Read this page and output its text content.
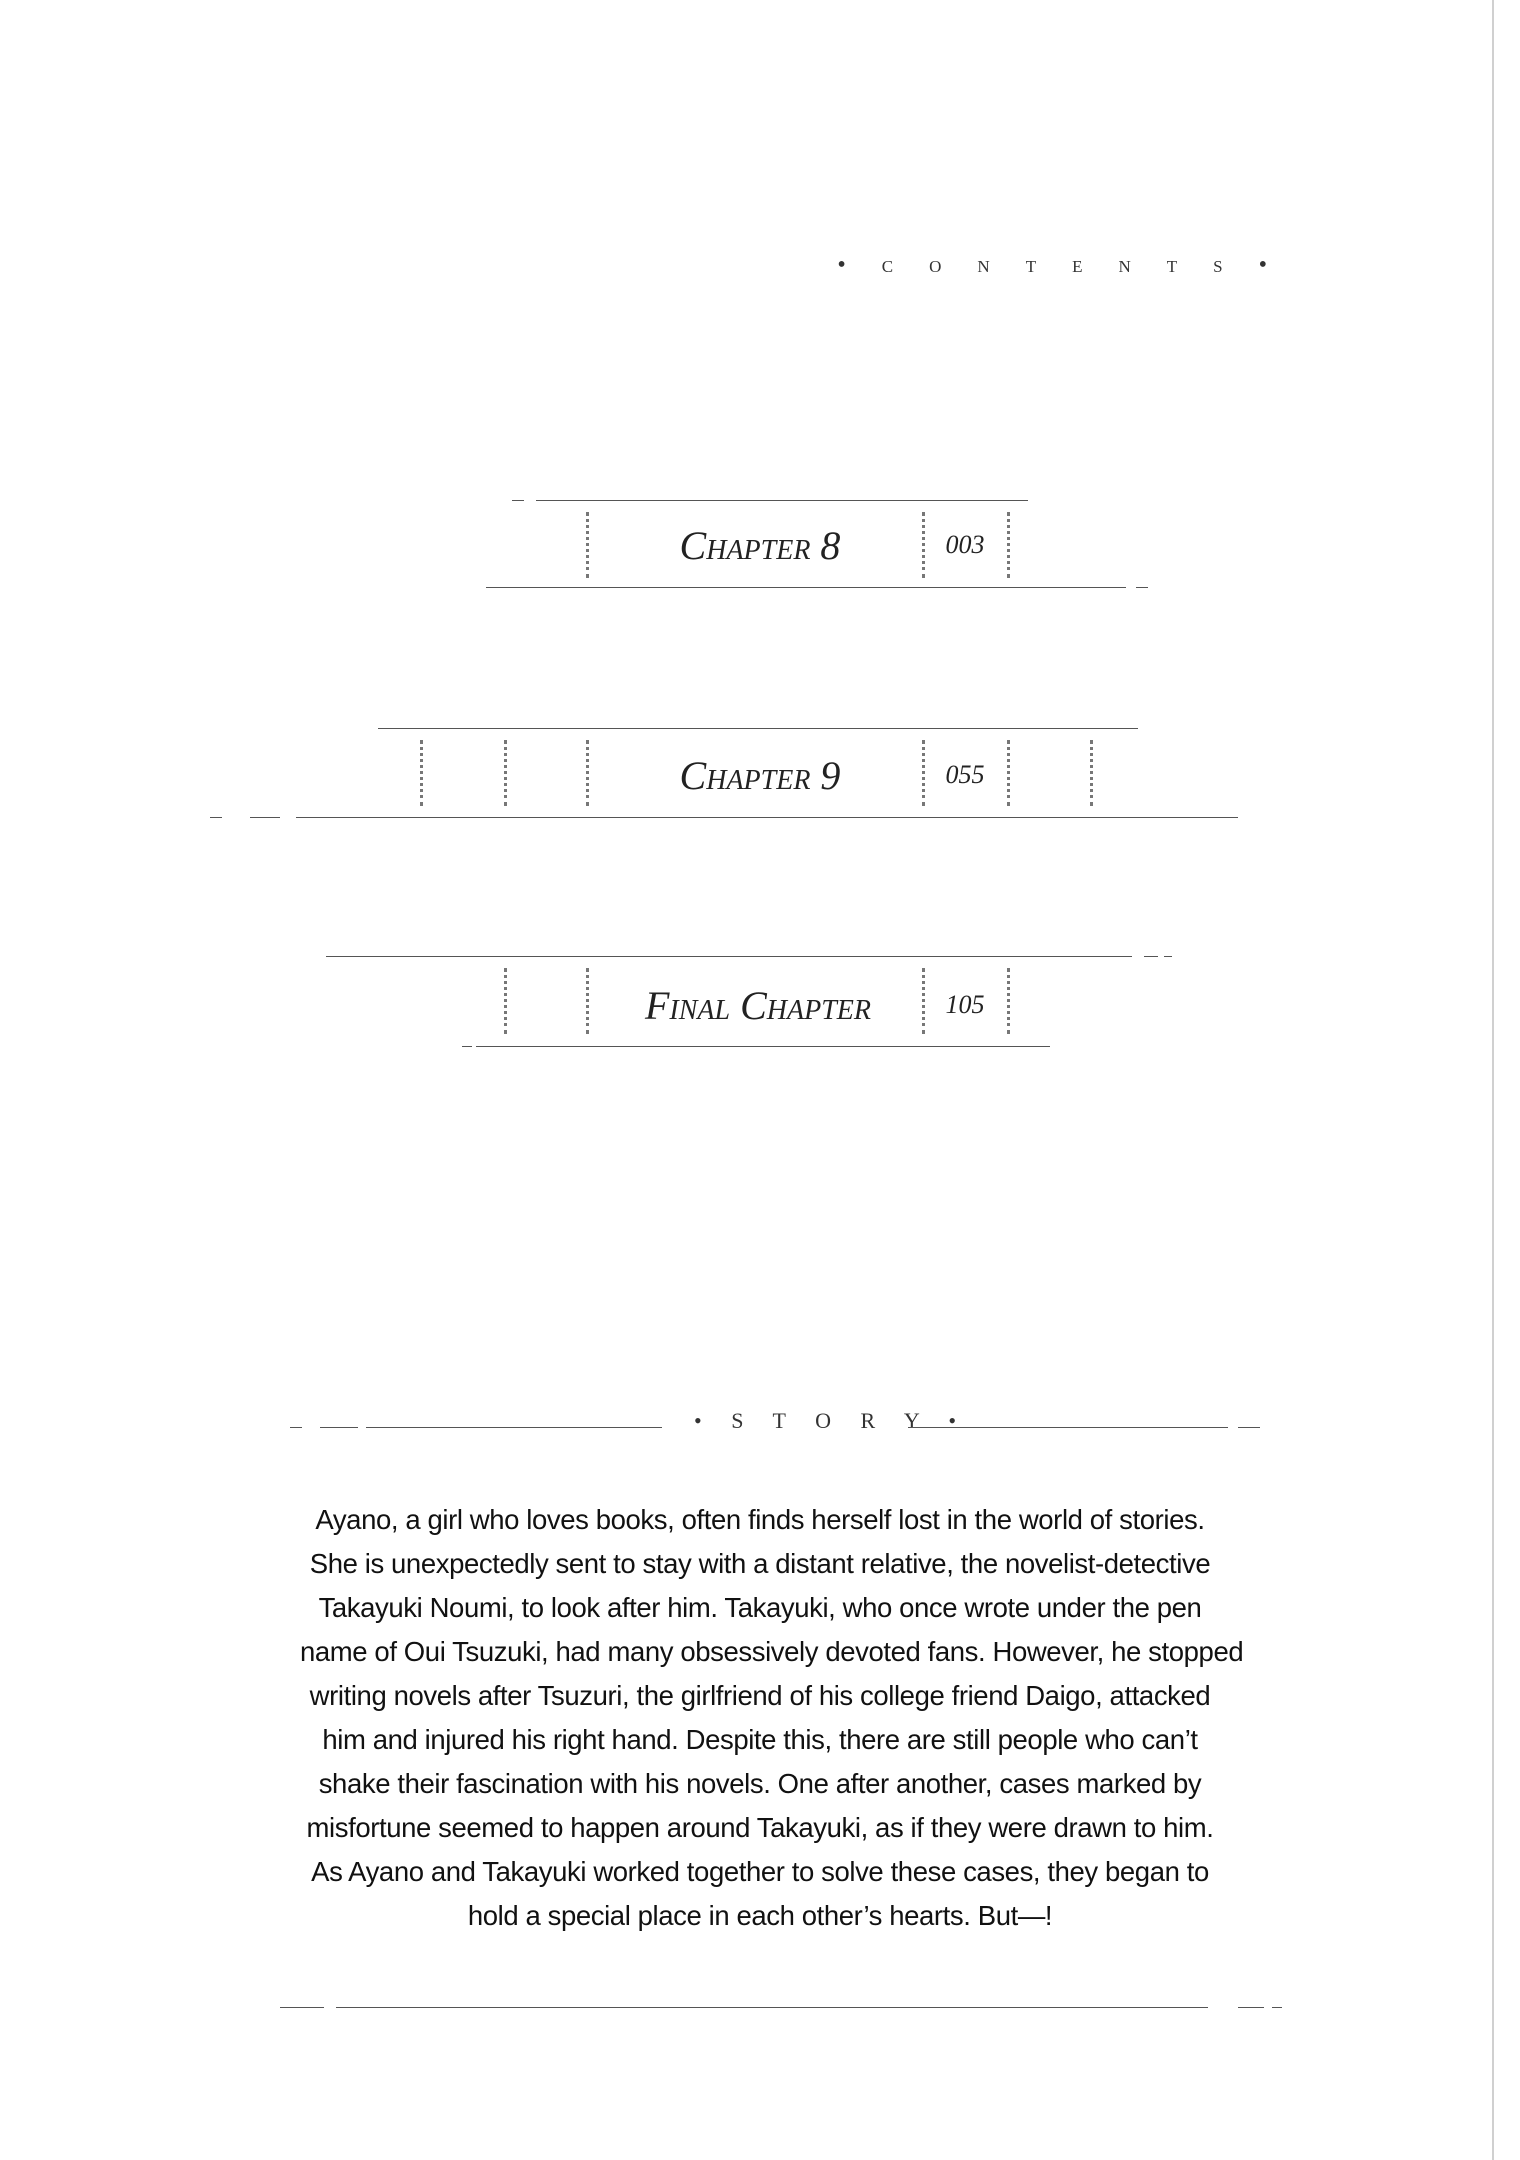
• c o n t e n t s •
Chapter 8	003
Chapter 9	055
Final Chapter	105
• S T O R Y •
Ayano, a girl who loves books, often finds herself lost in the world of stories.
She is unexpectedly sent to stay with a distant relative, the novelist-detective
Takayuki Noumi, to look after him. Takayuki, who once wrote under the pen
name of Oui Tsuzuki, had many obsessively devoted fans. However, he stopped
writing novels after Tsuzuri, the girlfriend of his college friend Daigo, attacked
him and injured his right hand. Despite this, there are still people who can’t
shake their fascination with his novels. One after another, cases marked by
misfortune seemed to happen around Takayuki, as if they were drawn to him.
As Ayano and Takayuki worked together to solve these cases, they began to
hold a special place in each other’s hearts. But—!
